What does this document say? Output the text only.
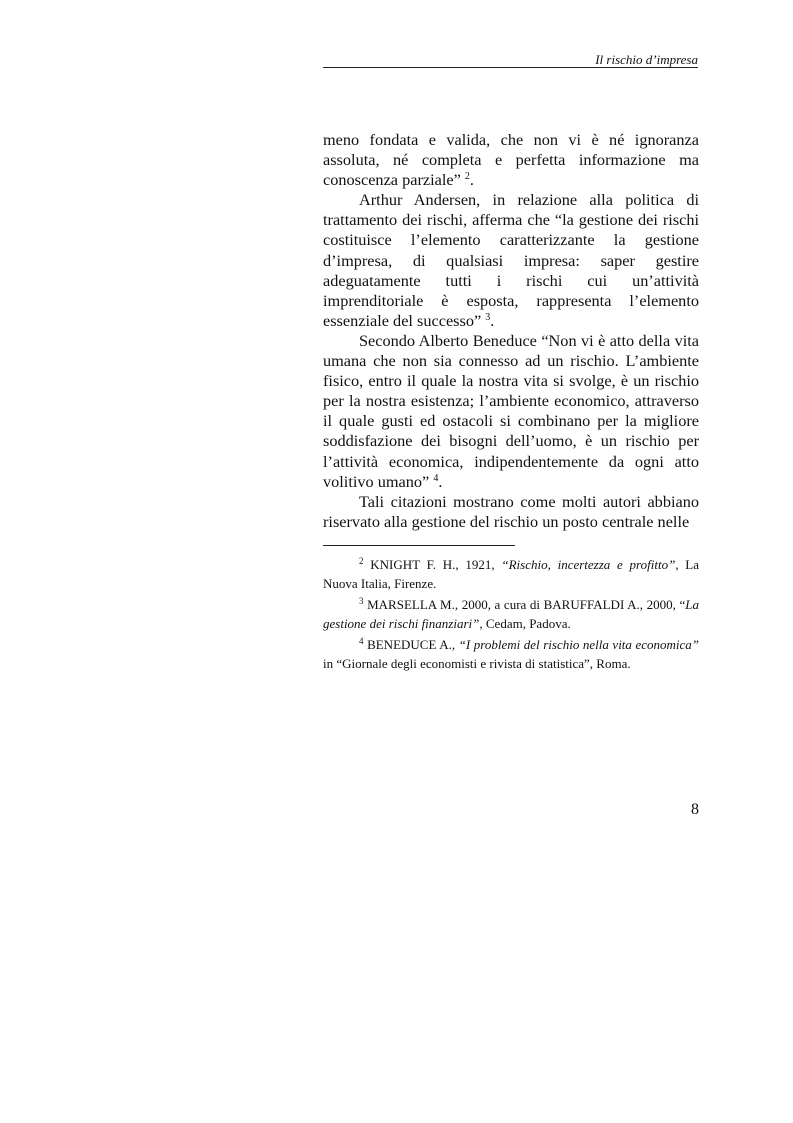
Il rischio d’impresa

meno fondata e valida, che non vi è né ignoranza assoluta, né completa e perfetta informazione ma conoscenza parziale” $^2$.

Arthur Andersen, in relazione alla politica di trattamento dei rischi, afferma che “la gestione dei rischi costituisce l’elemento caratterizzante la gestione d’impresa, di qualsiasi impresa: saper gestire adeguatamente tutti i rischi cui un’attività imprenditoriale è esposta, rappresenta l’elemento essenziale del successo” $^3$.

Secondo Alberto Beneduce “Non vi è atto della vita umana che non sia connesso ad un rischio. L’ambiente fisico, entro il quale la nostra vita si svolge, è un rischio per la nostra esistenza; l’ambiente economico, attraverso il quale gusti ed ostacoli si combinano per la migliore soddisfazione dei bisogni dell’uomo, è un rischio per l’attività economica, indipendentemente da ogni atto volitivo umano” $^4$.

Tali citazioni mostrano come molti autori abbiano riservato alla gestione del rischio un posto centrale nelle

$^2$ KNIGHT F. H., 1921, “Rischio, incertezza e profitto”, La Nuova Italia, Firenze.

$^3$ MARSELLA M., 2000, a cura di BARUFFALDI A., 2000, “La gestione dei rischi finanziari”, Cedam, Padova.

$^4$ BENEDUCE A., “I problemi del rischio nella vita economica” in “Giornale degli economisti e rivista di statistica”, Roma.

8
